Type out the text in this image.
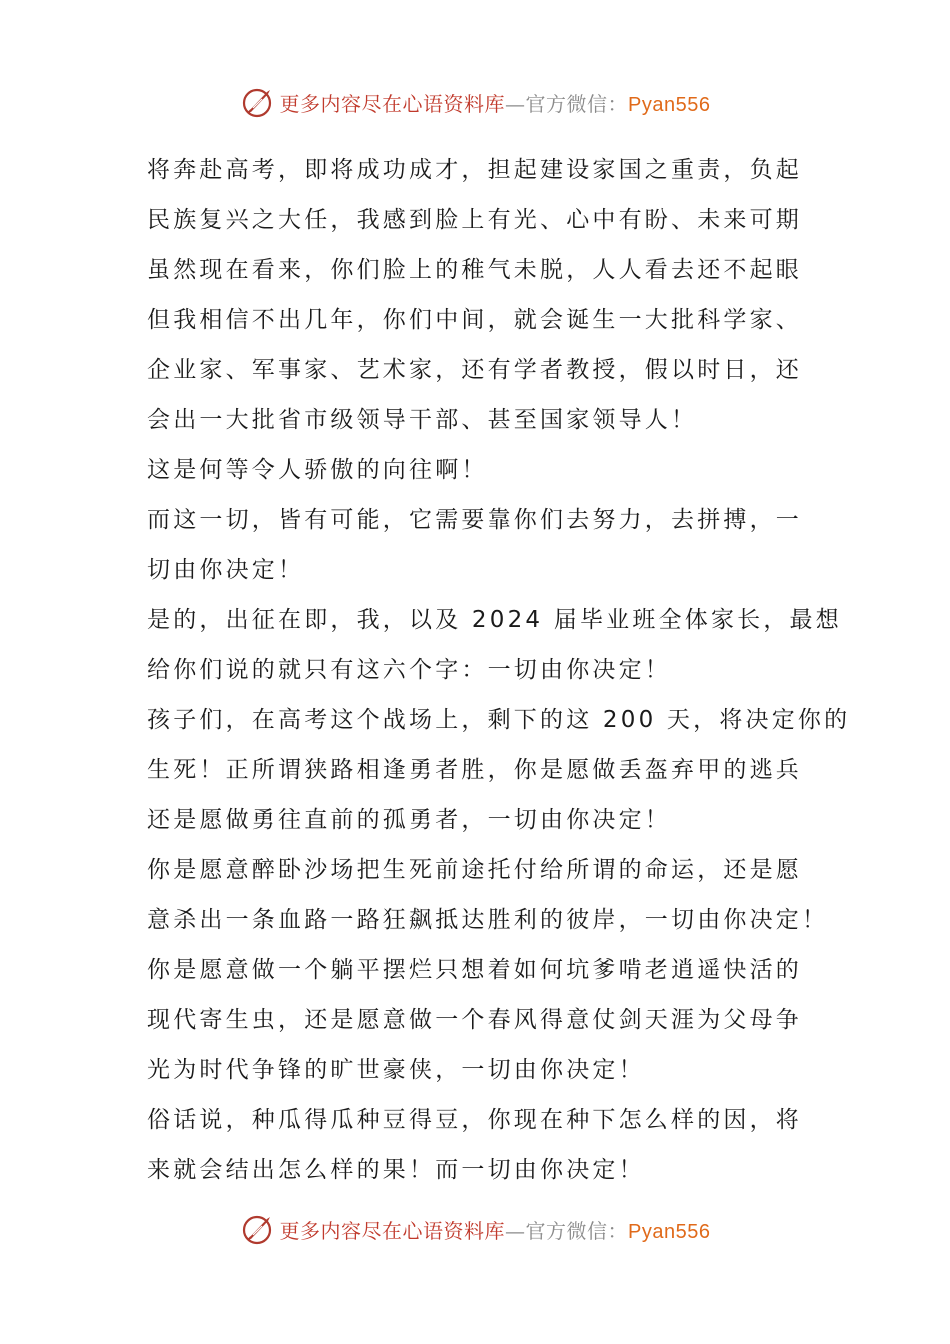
更多内容尽在心语资料库—官方微信：Pyan556
将奔赴高考，即将成功成才，担起建设家国之重责，负起
民族复兴之大任，我感到脸上有光、心中有盼、未来可期
虽然现在看来，你们脸上的稚气未脱，人人看去还不起眼
但我相信不出几年，你们中间，就会诞生一大批科学家、
企业家、军事家、艺术家，还有学者教授，假以时日，还
会出一大批省市级领导干部、甚至国家领导人！
这是何等令人骄傲的向往啊！
而这一切，皆有可能，它需要靠你们去努力，去拼搏，一
切由你决定！
是的，出征在即，我，以及 2024 届毕业班全体家长，最想
给你们说的就只有这六个字：一切由你决定！
孩子们，在高考这个战场上，剩下的这 200 天，将决定你的
生死！正所谓狭路相逢勇者胜，你是愿做丢盔弃甲的逃兵
还是愿做勇往直前的孤勇者，一切由你决定！
你是愿意醉卧沙场把生死前途托付给所谓的命运，还是愿
意杀出一条血路一路狂飙抵达胜利的彼岸，一切由你决定！
你是愿意做一个躺平摆烂只想着如何坑爹啃老逍遥快活的
现代寄生虫，还是愿意做一个春风得意仗剑天涯为父母争
光为时代争锋的旷世豪侠，一切由你决定！
俗话说，种瓜得瓜种豆得豆，你现在种下怎么样的因，将
来就会结出怎么样的果！而一切由你决定！
更多内容尽在心语资料库—官方微信：Pyan556
